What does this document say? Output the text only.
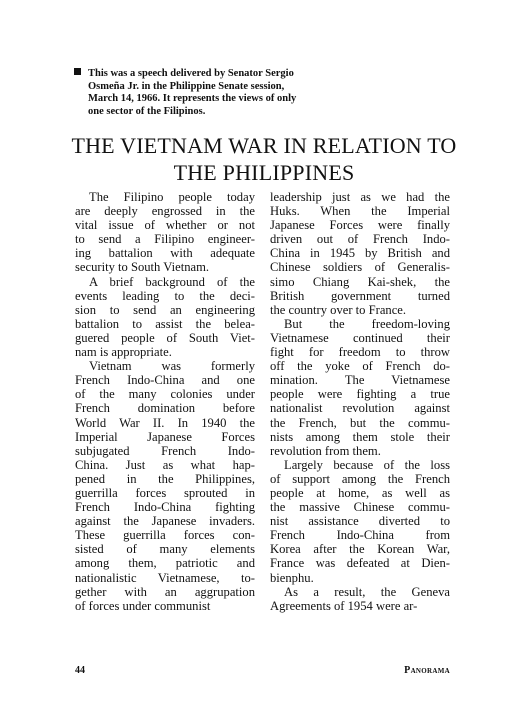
This was a speech delivered by Senator Sergio
Osmeña Jr. in the Philippine Senate session,
March 14, 1966. It represents the views of only
one sector of the Filipinos.
THE VIETNAM WAR IN RELATION TO
THE PHILIPPINES
The Filipino people today
are deeply engrossed in the
vital issue of whether or not
to send a Filipino engineer-
ing battalion with adequate
security to South Vietnam.
A brief background of the
events leading to the deci-
sion to send an engineering
battalion to assist the belea-
guered people of South Viet-
nam is appropriate.
Vietnam was formerly
French Indo-China and one
of the many colonies under
French domination before
World War II. In 1940 the
Imperial Japanese Forces
subjugated French Indo-
China. Just as what hap-
pened in the Philippines,
guerrilla forces sprouted in
French Indo-China fighting
against the Japanese invaders.
These guerrilla forces con-
sisted of many elements
among them, patriotic and
nationalistic Vietnamese, to-
gether with an aggrupation
of forces under communist
leadership just as we had the
Huks. When the Imperial
Japanese Forces were finally
driven out of French Indo-
China in 1945 by British and
Chinese soldiers of Generalis-
simo Chiang Kai-shek, the
British government turned
the country over to France.
But the freedom-loving
Vietnamese continued their
fight for freedom to throw
off the yoke of French do-
mination. The Vietnamese
people were fighting a true
nationalist revolution against
the French, but the commu-
nists among them stole their
revolution from them.
Largely because of the loss
of support among the French
people at home, as well as
the massive Chinese commu-
nist assistance diverted to
French Indo-China from
Korea after the Korean War,
France was defeated at Dien-
bienphu.
As a result, the Geneva
Agreements of 1954 were ar-
44	Panorama
